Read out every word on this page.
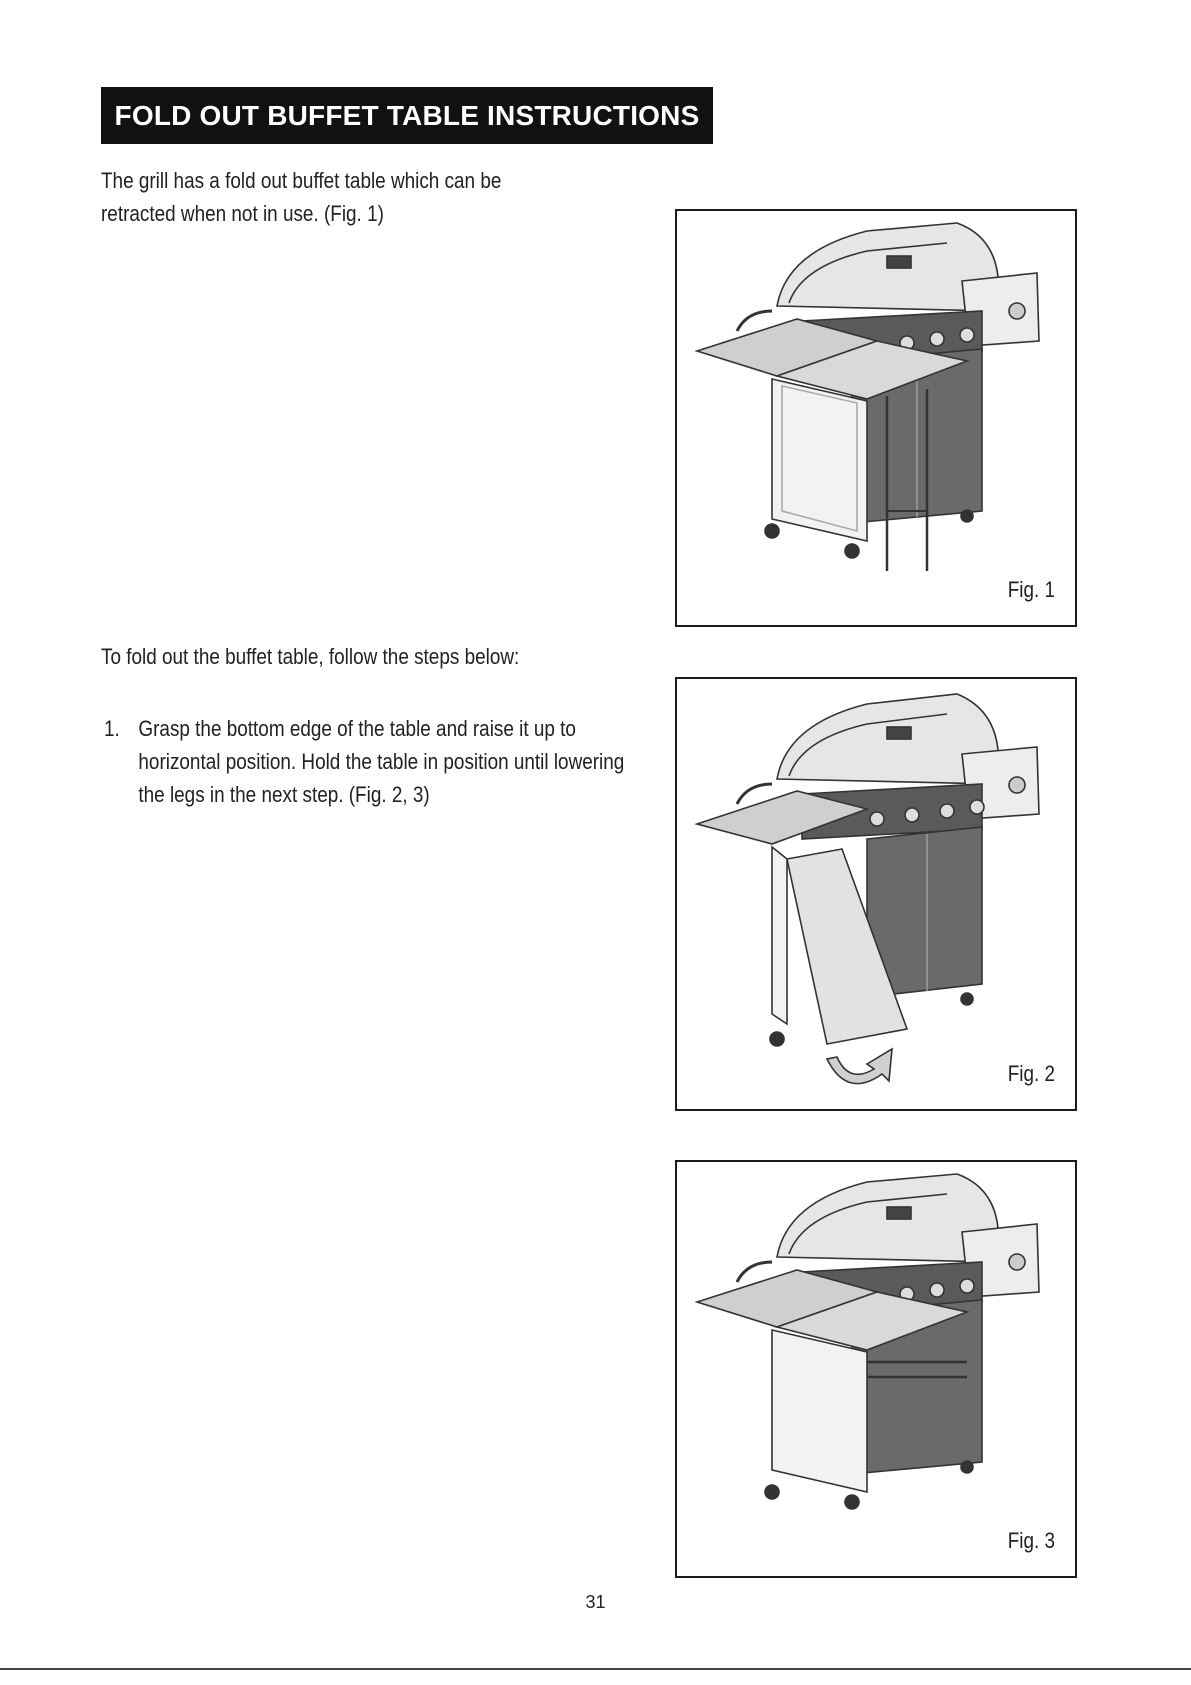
FOLD OUT BUFFET TABLE INSTRUCTIONS
The grill has a fold out buffet table which can be
retracted when not in use. (Fig. 1)
To fold out the buffet table, follow the steps below:
1. Grasp the bottom edge of the table and raise it up to
horizontal position. Hold the table in position until lowering
the legs in the next step. (Fig. 2, 3)
Fig. 1
Fig. 2
Fig. 3
31
